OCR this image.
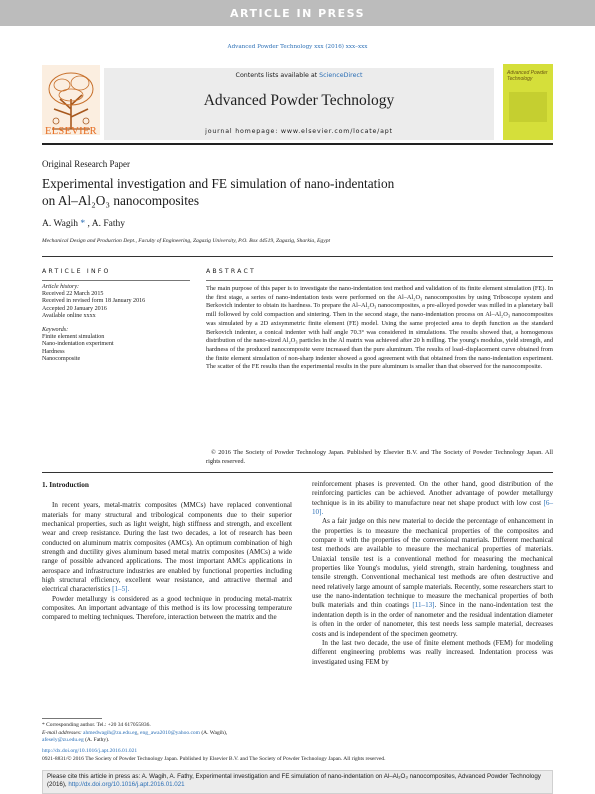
ARTICLE IN PRESS
Advanced Powder Technology xxx (2016) xxx–xxx
ELSEVIER
Contents lists available at ScienceDirect
Advanced Powder Technology
journal homepage: www.elsevier.com/locate/apt
Advanced Powder Technology
Original Research Paper
Experimental investigation and FE simulation of nano-indentation
on Al–Al₂O₃ nanocomposites
A. Wagih * , A. Fathy
Mechanical Design and Production Dept., Faculty of Engineering, Zagazig University, P.O. Box 44519, Zagazig, Sharkia, Egypt
ARTICLE INFO	ABSTRACT
Article history:
Received 22 March 2015
Received in revised form 18 January 2016
Accepted 20 January 2016
Available online xxxx
Keywords:
Finite element simulation
Nano-indentation experiment
Hardness
Nanocomposite
The main purpose of this paper is to investigate the nano-indentation test method and validation of its finite element simulation (FE). In the first stage, a series of nano-indentation tests were performed on the Al–Al₂O₃ nanocomposites by using Triboscope system and Berkovich indenter to obtain its hardness. To prepare the Al–Al₂O₃ nanocomposites, a pre-alloyed powder was milled in a planetary ball mill followed by cold compaction and sintering. Then in the second stage, the nano-indentation process on Al–Al₂O₃ nanocomposites was simulated by a 2D axisymmetric finite element (FE) model. Using the same projected area to depth function as the standard Berkovich indenter, a conical indenter with half angle 70.3° was considered in simulations. The results showed that, a homogenous distribution of the nano-sized Al₂O₃ particles in the Al matrix was achieved after 20 h milling. The young's modulus, yield strength, and hardness of the produced nanocomposite were increased than the pure aluminum. The results of load–displacement curve obtained from the finite element simulation of non-sharp indenter showed a good agreement with that obtained from the nano-indentation experiment. The scatter of the FE results than the experimental results in the pure aluminum is smaller than that observed for the nanocomposite.
© 2016 The Society of Powder Technology Japan. Published by Elsevier B.V. and The Society of Powder Technology Japan. All rights reserved.
1. Introduction

In recent years, metal-matrix composites (MMCs) have replaced conventional materials for many structural and tribological components due to their superior mechanical properties, such as light weight, high stiffness and strength, and excellent wear and creep resistance. During the last two decades, a lot of research has been conducted on aluminum matrix composites (AMCs). An optimum combination of high strength and ductility gives aluminum based metal matrix composites (AMCs) a wide range of possible advanced applications. The most important AMCs applications in aerospace and infrastructure industries are enabled by functional properties including high structural efficiency, excellent wear resistance, and attractive thermal and electrical characteristics [1–5].

Powder metallurgy is considered as a good technique in producing metal-matrix composites. An important advantage of this method is its low processing temperature compared to melting techniques. Therefore, interaction between the matrix and the

reinforcement phases is prevented. On the other hand, good distribution of the reinforcing particles can be achieved. Another advantage of powder metallurgy technique is in its ability to manufacture near net shape product with low cost [6–10].

As a fair judge on this new material to decide the percentage of enhancement in the properties is to measure the mechanical properties of the composites and compare it with the properties of the conversional materials. Different mechanical test methods are available to measure the mechanical properties of materials. Uniaxial tensile test is a conventional method for measuring the mechanical properties like Young's modulus, yield strength, strain hardening, toughness and tensile strength. Conventional mechanical test methods are often destructive and need relatively large amount of sample materials. Recently, some researchers start to use the nano-indentation technique to measure the mechanical properties of both bulk materials and thin coatings [11–13]. Since in the nano-indentation test the indentation depth is in the order of nanometer and the residual indentation diameter is often in the order of nanometer, this test needs less sample material, decreases costs and is independent of the specimen geometry.

In the last two decade, the use of finite element methods (FEM) for modeling different engineering problems was really increased. Indentation process was investigated using FEM by

* Corresponding author. Tel.: +20 34 617055836.
E-mail addresses: ahmedwagih@zu.edu.eg, eng_awa2010@yahoo.com (A. Wagih),
afesely@zu.edu.eg (A. Fathy).
http://dx.doi.org/10.1016/j.apt.2016.01.021
0921-8831/© 2016 The Society of Powder Technology Japan. Published by Elsevier B.V. and The Society of Powder Technology Japan. All rights reserved.
Please cite this article in press as: A. Wagih, A. Fathy, Experimental investigation and FE simulation of nano-indentation on Al–Al₂O₃ nanocomposites, Advanced Powder Technology (2016), http://dx.doi.org/10.1016/j.apt.2016.01.021
